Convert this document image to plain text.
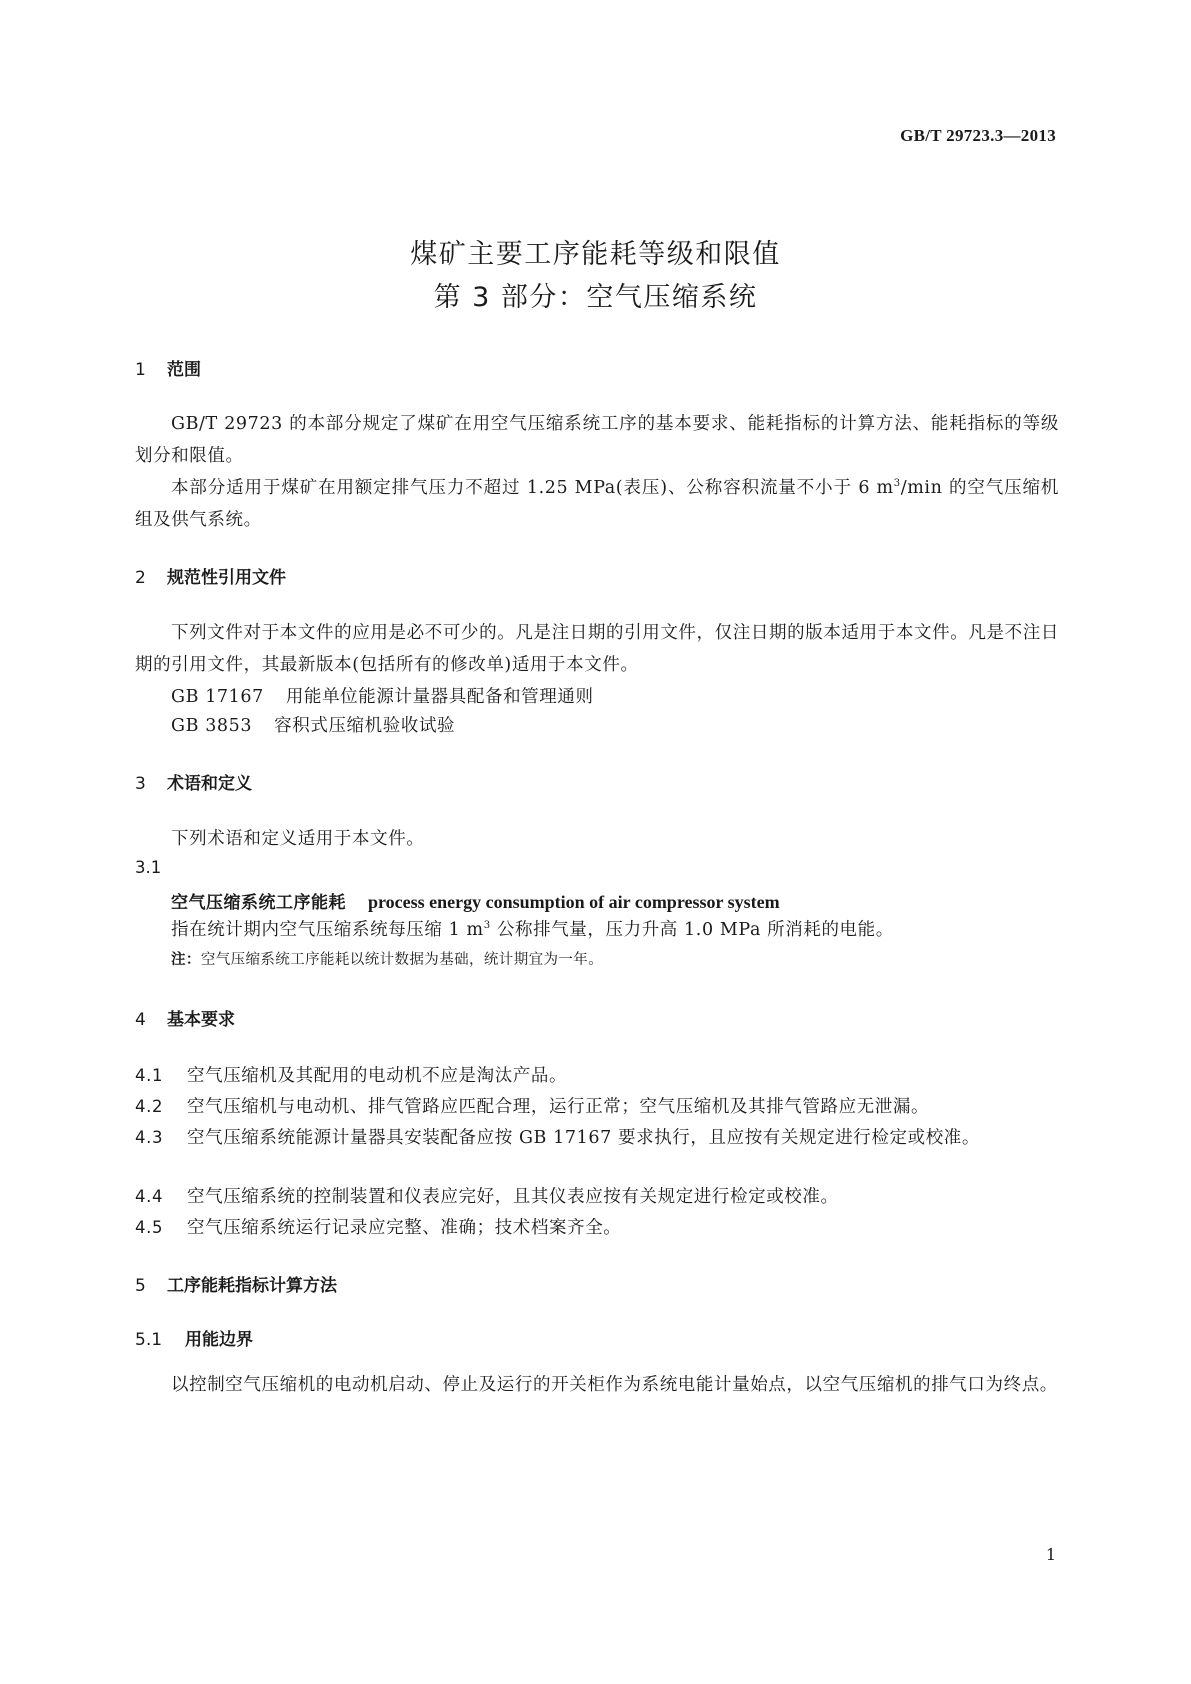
GB/T 29723.3—2013
煤矿主要工序能耗等级和限值
第 3 部分：空气压缩系统
1 范围
GB/T 29723 的本部分规定了煤矿在用空气压缩系统工序的基本要求、能耗指标的计算方法、能耗指标的等级划分和限值。
本部分适用于煤矿在用额定排气压力不超过 1.25 MPa(表压)、公称容积流量不小于 6 $m^3/\min$ 的空气压缩机组及供气系统。
2 规范性引用文件
下列文件对于本文件的应用是必不可少的。凡是注日期的引用文件，仅注日期的版本适用于本文件。凡是不注日期的引用文件，其最新版本(包括所有的修改单)适用于本文件。
GB 17167 用能单位能源计量器具配备和管理通则
GB 3853 容积式压缩机验收试验
3 术语和定义
下列术语和定义适用于本文件。
3.1
空气压缩系统工序能耗 process energy consumption of air compressor system
指在统计期内空气压缩系统每压缩 1 $m^3$ 公称排气量，压力升高 1.0 MPa 所消耗的电能。
注：空气压缩系统工序能耗以统计数据为基础，统计期宜为一年。
4 基本要求
4.1 空气压缩机及其配用的电动机不应是淘汰产品。
4.2 空气压缩机与电动机、排气管路应匹配合理，运行正常；空气压缩机及其排气管路应无泄漏。
4.3 空气压缩系统能源计量器具安装配备应按 GB 17167 要求执行，且应按有关规定进行检定或校准。
4.4 空气压缩系统的控制装置和仪表应完好，且其仪表应按有关规定进行检定或校准。
4.5 空气压缩系统运行记录应完整、准确；技术档案齐全。
5 工序能耗指标计算方法
5.1 用能边界
以控制空气压缩机的电动机启动、停止及运行的开关柜作为系统电能计量始点，以空气压缩机的排气口为终点。
1
